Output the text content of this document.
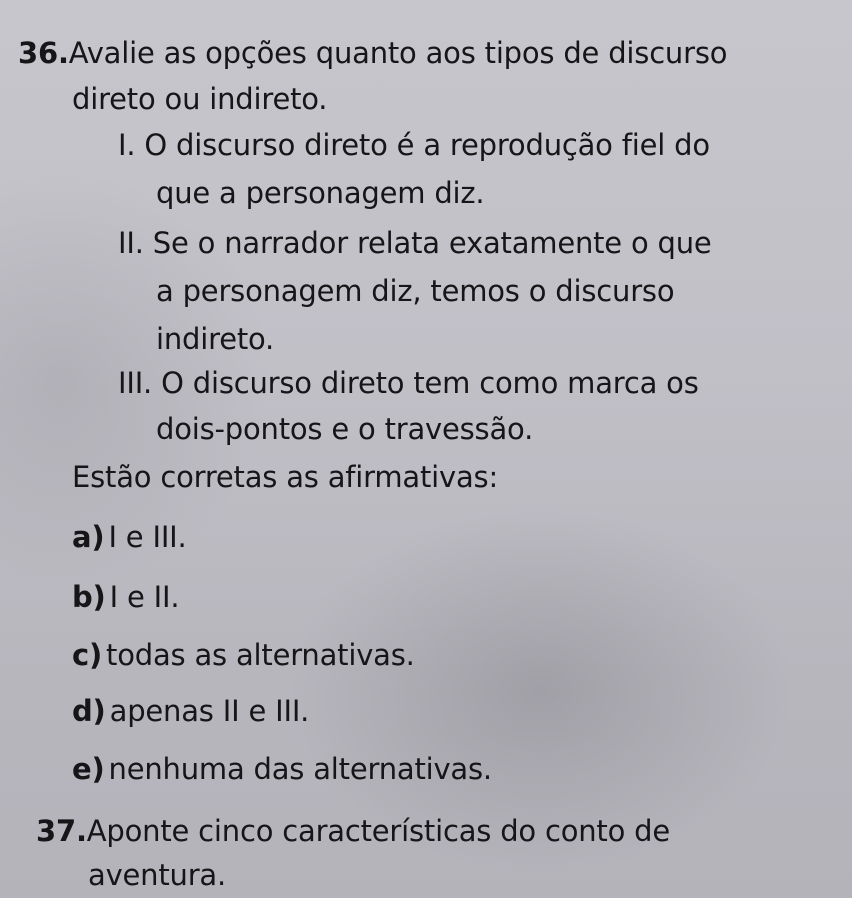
36.Avalie as opções quanto aos tipos de discurso
direto ou indireto.
I. O discurso direto é a reprodução fiel do
que a personagem diz.
II. Se o narrador relata exatamente o que
a personagem diz, temos o discurso
indireto.
III. O discurso direto tem como marca os
dois-pontos e o travessão.
Estão corretas as afirmativas:
a) I e III.
b) I e II.
c) todas as alternativas.
d) apenas II e III.
e) nenhuma das alternativas.
37.Aponte cinco características do conto de
aventura.
